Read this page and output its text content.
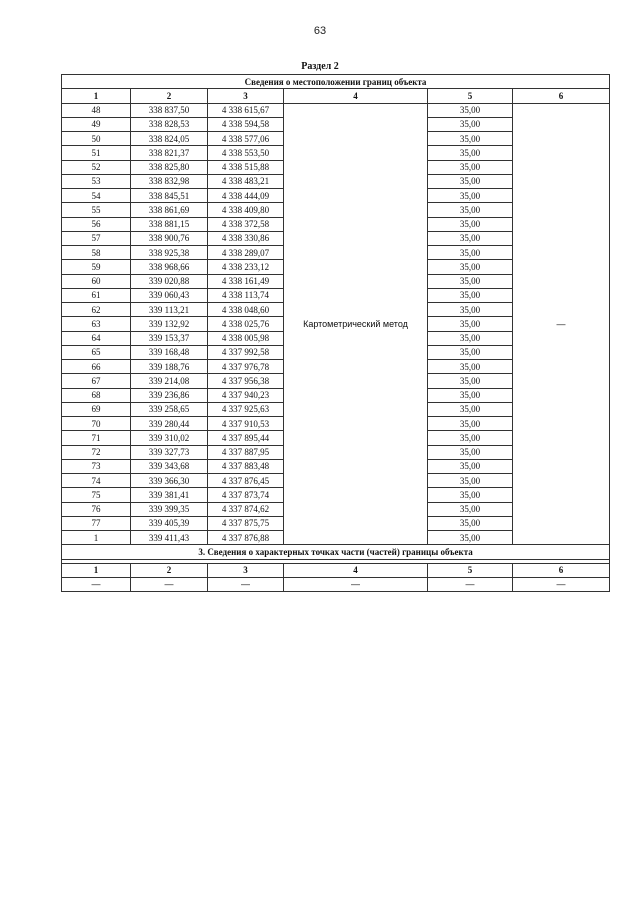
63
Раздел 2
Сведения о местоположении границ объекта					
1	2	3	4	5	6
48	338 837,50	4 338 615,67	Картометрический метод	35,00	—
49	338 828,53	4 338 594,58		35,00	
50	338 824,05	4 338 577,06		35,00	
51	338 821,37	4 338 553,50		35,00	
52	338 825,80	4 338 515,88		35,00	
53	338 832,98	4 338 483,21		35,00	
54	338 845,51	4 338 444,09		35,00	
55	338 861,69	4 338 409,80		35,00	
56	338 881,15	4 338 372,58		35,00	
57	338 900,76	4 338 330,86		35,00	
58	338 925,38	4 338 289,07		35,00	
59	338 968,66	4 338 233,12		35,00	
60	339 020,88	4 338 161,49		35,00	
61	339 060,43	4 338 113,74		35,00	
62	339 113,21	4 338 048,60		35,00	
63	339 132,92	4 338 025,76		35,00	
64	339 153,37	4 338 005,98		35,00	
65	339 168,48	4 337 992,58		35,00	
66	339 188,76	4 337 976,78		35,00	
67	339 214,08	4 337 956,38		35,00	
68	339 236,86	4 337 940,23		35,00	
69	339 258,65	4 337 925,63		35,00	
70	339 280,44	4 337 910,53		35,00	
71	339 310,02	4 337 895,44		35,00	
72	339 327,73	4 337 887,95		35,00	
73	339 343,68	4 337 883,48		35,00	
74	339 366,30	4 337 876,45		35,00	
75	339 381,41	4 337 873,74		35,00	
76	339 399,35	4 337 874,62		35,00	
77	339 405,39	4 337 875,75		35,00	
1	339 411,43	4 337 876,88		35,00	
3. Сведения о характерных точках части (частей) границы объекта					

1	2	3	4	5	6
—	—	—	—	—	—
